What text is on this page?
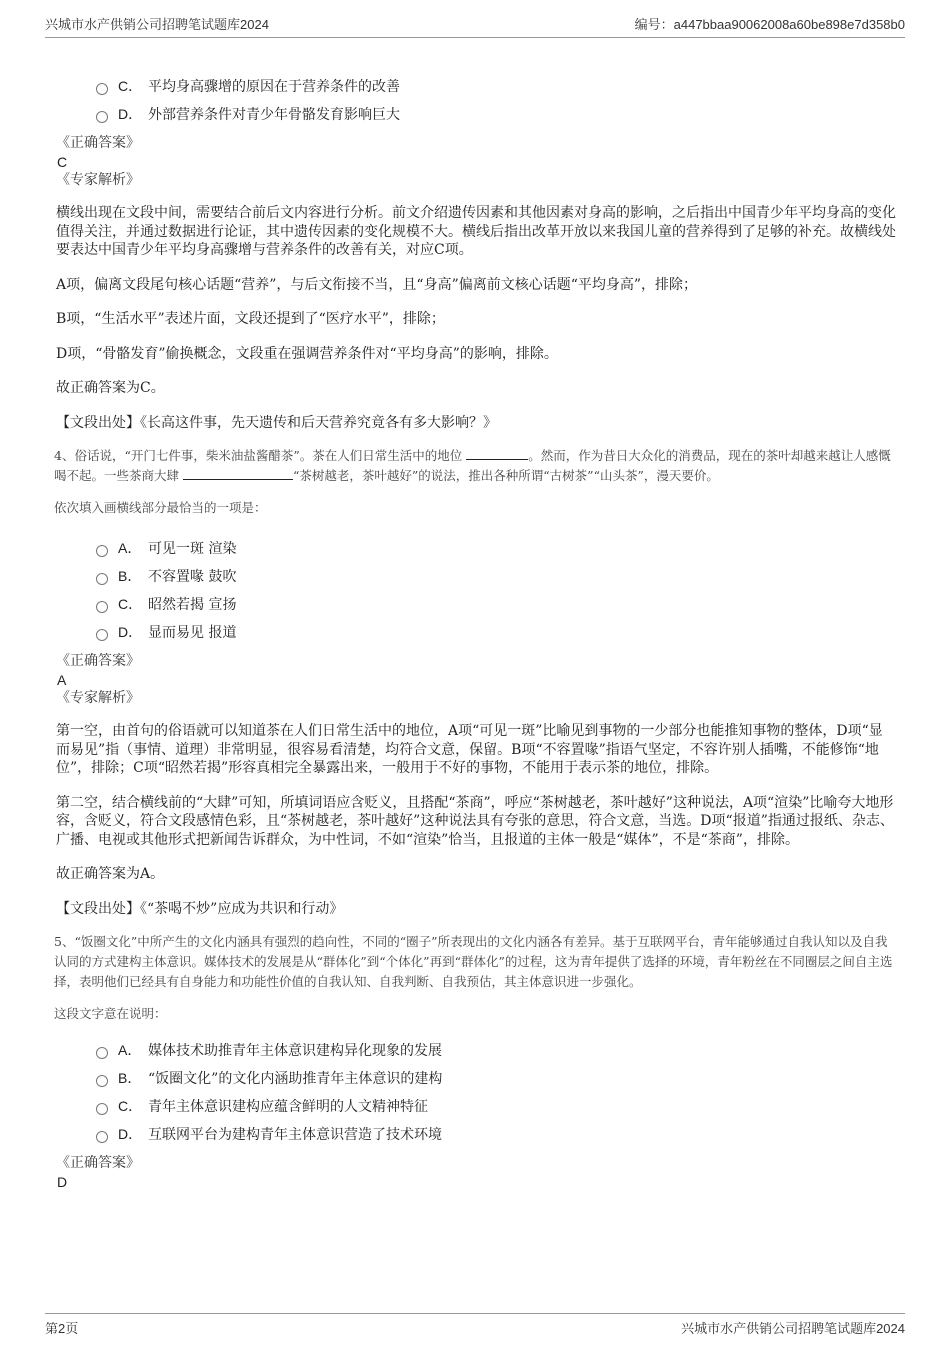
兴城市水产供销公司招聘笔试题库2024	编号：a447bbaa90062008a60be898e7d358b0
C． 平均身高骤增的原因在于营养条件的改善
D． 外部营养条件对青少年骨骼发育影响巨大
《正确答案》
C
《专家解析》

横线出现在文段中间，需要结合前后文内容进行分析。前文介绍遗传因素和其他因素对身高的影响，之后指出中国青少年平均身高的变化值得关注，并通过数据进行论证，其中遗传因素的变化规模不大。横线后指出改革开放以来我国儿童的营养得到了足够的补充。故横线处要表达中国青少年平均身高骤增与营养条件的改善有关，对应C项。

A项，偏离文段尾句核心话题“营养”，与后文衔接不当，且“身高”偏离前文核心话题“平均身高”，排除；

B项，“生活水平”表述片面，文段还提到了“医疗水平”，排除；

D项，“骨骼发育”偷换概念，文段重在强调营养条件对“平均身高”的影响，排除。

故正确答案为C。

【文段出处】《长高这件事，先天遗传和后天营养究竟各有多大影响？》

4、俗话说，“开门七件事，柴米油盐酱醋茶”。茶在人们日常生活中的地位	。然而，作为昔日大众化的消费品，现在的茶叶却越来越让人感慨喝不起。一些茶商大肆	“茶树越老，茶叶越好”的说法，推出各种所谓“古树茶”“山头茶”，漫天要价。

依次填入画横线部分最恰当的一项是：

A． 可见一斑 渲染
B． 不容置喙 鼓吹
C． 昭然若揭 宣扬
D． 显而易见 报道
《正确答案》
A
《专家解析》

第一空，由首句的俗语就可以知道茶在人们日常生活中的地位，A项“可见一斑”比喻见到事物的一少部分也能推知事物的整体，D项“显而易见”指（事情、道理）非常明显，很容易看清楚，均符合文意，保留。B项“不容置喙”指语气坚定，不容许别人插嘴，不能修饰“地位”，排除；C项“昭然若揭”形容真相完全暴露出来，一般用于不好的事物，不能用于表示茶的地位，排除。

第二空，结合横线前的“大肆”可知，所填词语应含贬义，且搭配“茶商”，呼应“茶树越老，茶叶越好”这种说法，A项“渲染”比喻夸大地形容，含贬义，符合文段感情色彩，且“茶树越老，茶叶越好”这种说法具有夸张的意思，符合文意，当选。D项“报道”指通过报纸、杂志、广播、电视或其他形式把新闻告诉群众，为中性词，不如“渲染”恰当，且报道的主体一般是“媒体”，不是“茶商”，排除。

故正确答案为A。

【文段出处】《“茶喝不炒”应成为共识和行动》

5、“饭圈文化”中所产生的文化内涵具有强烈的趋向性，不同的“圈子”所表现出的文化内涵各有差异。基于互联网平台，青年能够通过自我认知以及自我认同的方式建构主体意识。媒体技术的发展是从“群体化”到“个体化”再到“群体化”的过程，这为青年提供了选择的环境，青年粉丝在不同圈层之间自主选择，表明他们已经具有自身能力和功能性价值的自我认知、自我判断、自我预估，其主体意识进一步强化。

这段文字意在说明：

A． 媒体技术助推青年主体意识建构异化现象的发展
B． “饭圈文化”的文化内涵助推青年主体意识的建构
C． 青年主体意识建构应蕴含鲜明的人文精神特征
D． 互联网平台为建构青年主体意识营造了技术环境
《正确答案》
D
第2页	兴城市水产供销公司招聘笔试题库2024
